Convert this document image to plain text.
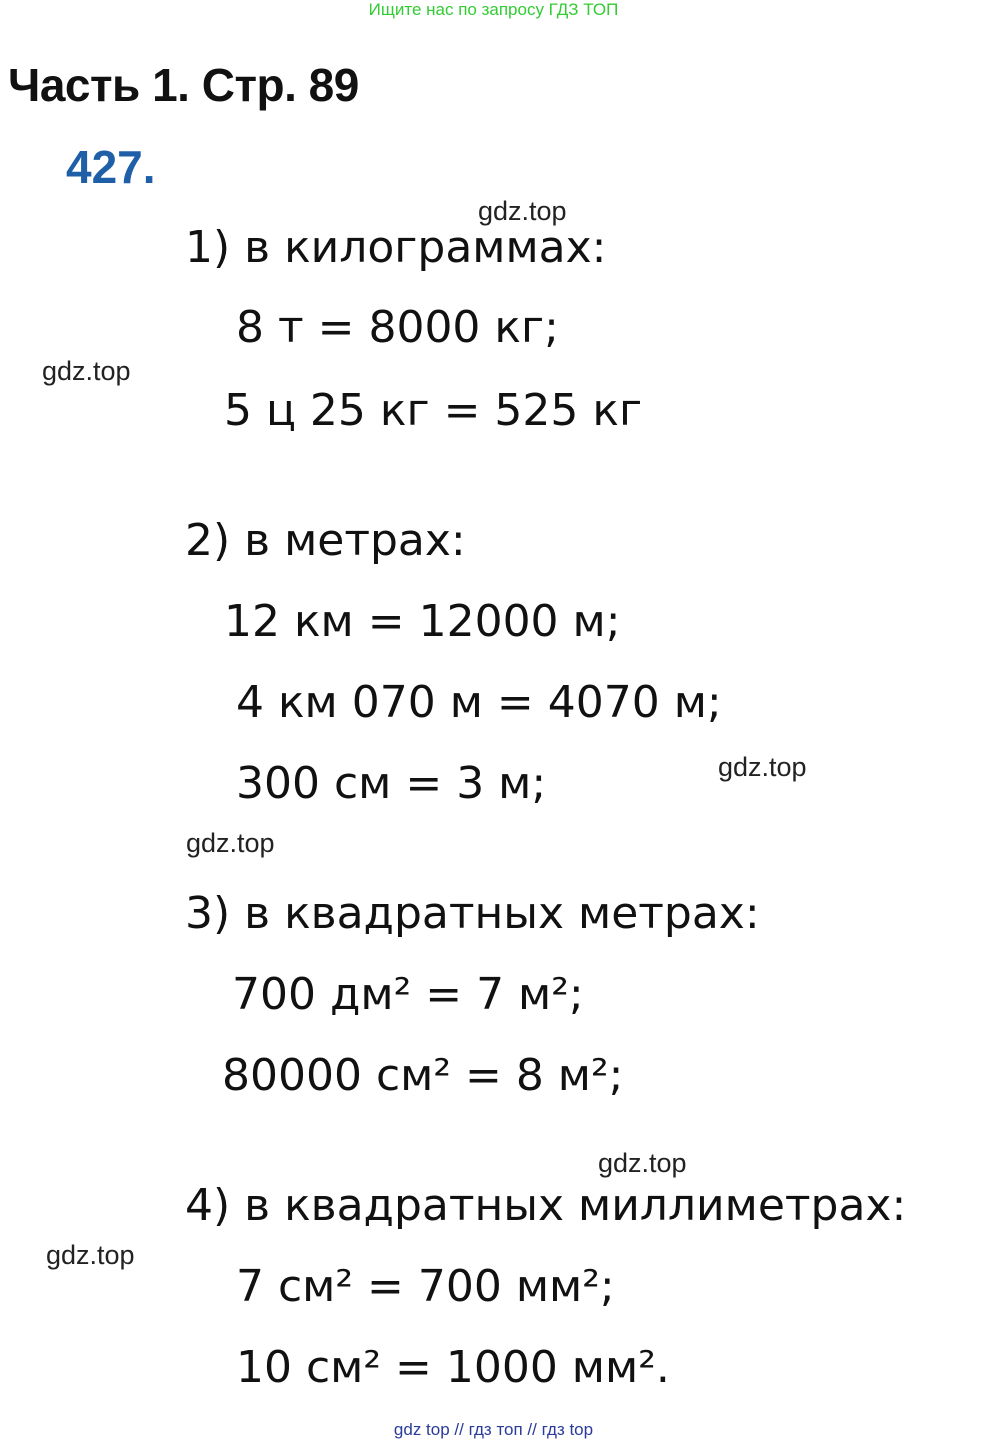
Ищите нас по запросу ГДЗ ТОП
Часть 1. Стр. 89
427.
gdz.top
gdz.top
gdz.top
gdz.top
gdz.top
gdz.top
1) в килограммах:
8 т = 8000 кг;
5 ц 25 кг = 525 кг
2) в метрах:
12 км = 12000 м;
4 км 070 м = 4070 м;
300 см = 3 м;
3) в квадратных метрах:
700 дм² = 7 м²;
80000 см² = 8 м²;
4) в квадратных миллиметрах:
7 см² = 700 мм²;
10 см² = 1000 мм².
gdz top // гдз топ // гдз top
